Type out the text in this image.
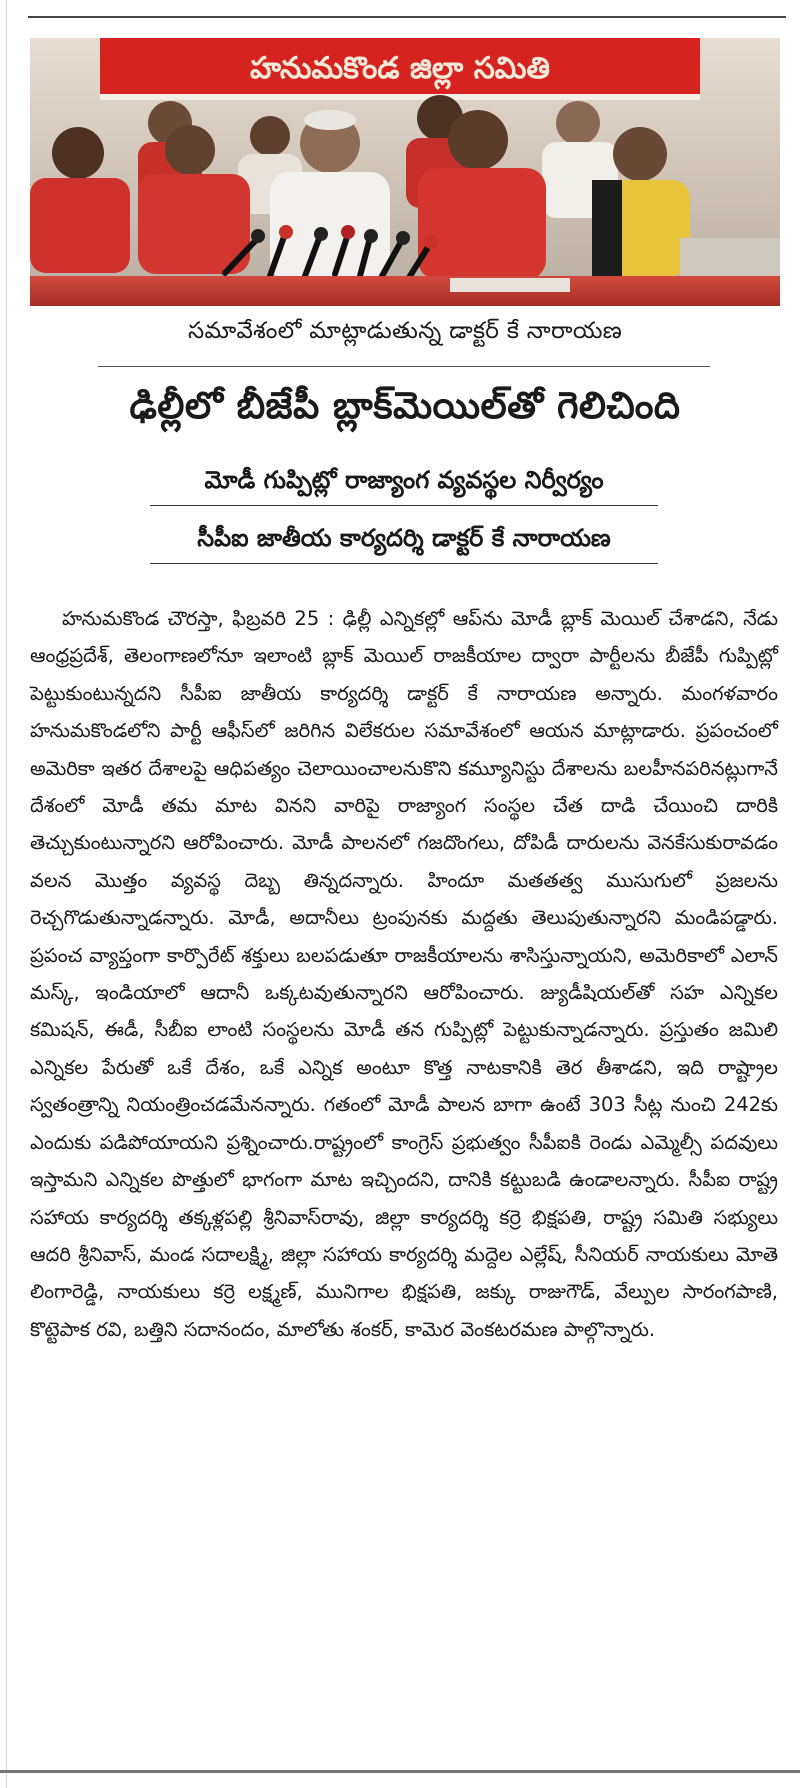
హనుమకొండ జిల్లా సమితి
సమావేశంలో మాట్లాడుతున్న డాక్టర్ కే నారాయణ
ఢిల్లీలో బీజేపీ బ్లాక్‌మెయిల్‌తో గెలిచింది
మోడీ గుప్పిట్లో రాజ్యాంగ వ్యవస్థల నిర్వీర్యం
సీపీఐ జాతీయ కార్యదర్శి డాక్టర్ కే నారాయణ
హనుమకొండ చౌరస్తా, ఫిబ్రవరి 25 : ఢిల్లీ ఎన్నికల్లో ఆప్‌ను మోడీ బ్లాక్ మెయిల్ చేశాడని, నేడు ఆంధ్రప్రదేశ్, తెలంగాణలోనూ ఇలాంటి బ్లాక్ మెయిల్ రాజకీయాల ద్వారా పార్టీలను బీజేపీ గుప్పిట్లో పెట్టుకుంటున్నదని సీపీఐ జాతీయ కార్యదర్శి డాక్టర్ కే నారాయణ అన్నారు. మంగళవారం హనుమకొండలోని పార్టీ ఆఫీస్‌లో జరిగిన విలేకరుల సమావేశంలో ఆయన మాట్లాడారు. ప్రపంచంలో అమెరికా ఇతర దేశాలపై ఆధిపత్యం చెలాయించాలనుకొని కమ్యూనిస్టు దేశాలను బలహీనపరినట్లుగానే దేశంలో మోడీ తమ మాట వినని వారిపై రాజ్యాంగ సంస్థల చేత దాడి చేయించి దారికి తెచ్చుకుంటున్నారని ఆరోపించారు. మోడీ పాలనలో గజదొంగలు, దోపిడీ దారులను వెనకేసుకురావడం వలన మొత్తం వ్యవస్థ దెబ్బ తిన్నదన్నారు. హిందూ మతతత్వ ముసుగులో ప్రజలను రెచ్చగొడుతున్నాడన్నారు. మోడీ, అదానీలు ట్రంపునకు మద్దతు తెలుపుతున్నారని మండిపడ్డారు. ప్రపంచ వ్యాప్తంగా కార్పొరేట్ శక్తులు బలపడుతూ రాజకీయాలను శాసిస్తున్నాయని, అమెరికాలో ఎలాన్ మస్క్, ఇండియాలో ఆదానీ ఒక్కటవుతున్నారని ఆరోపించారు. జ్యుడీషియల్‌తో సహ ఎన్నికల కమిషన్, ఈడీ, సీబీఐ లాంటి సంస్థలను మోడీ తన గుప్పిట్లో పెట్టుకున్నాడన్నారు. ప్రస్తుతం జమిలి ఎన్నికల పేరుతో ఒకే దేశం, ఒకే ఎన్నిక అంటూ కొత్త నాటకానికి తెర తీశాడని, ఇది రాష్ట్రాల స్వతంత్రాన్ని నియంత్రించడమేనన్నారు. గతంలో మోడీ పాలన బాగా ఉంటే 303 సీట్ల నుంచి 242కు ఎందుకు పడిపోయాయని ప్రశ్నించారు.రాష్ట్రంలో కాంగ్రెస్ ప్రభుత్వం సీపీఐకి రెండు ఎమ్మెల్సీ పదవులు ఇస్తామని ఎన్నికల పొత్తులో భాగంగా మాట ఇచ్చిందని, దానికి కట్టుబడి ఉండాలన్నారు. సీపీఐ రాష్ట్ర సహాయ కార్యదర్శి తక్కళ్లపల్లి శ్రీనివాస్‌రావు, జిల్లా కార్యదర్శి కర్రె భిక్షపతి, రాష్ట్ర సమితి సభ్యులు ఆదరి శ్రీనివాస్, మండ సదాలక్ష్మి, జిల్లా సహాయ కార్యదర్శి మద్దెల ఎల్లేష్, సీనియర్ నాయకులు మోతె లింగారెడ్డి, నాయకులు కర్రె లక్ష్మణ్, మునిగాల భిక్షపతి, జక్కు రాజుగౌడ్, వేల్పుల సారంగపాణి, కొట్టెపాక రవి, బత్తిని సదానందం, మాలోతు శంకర్, కామెర వెంకటరమణ పాల్గొన్నారు.
